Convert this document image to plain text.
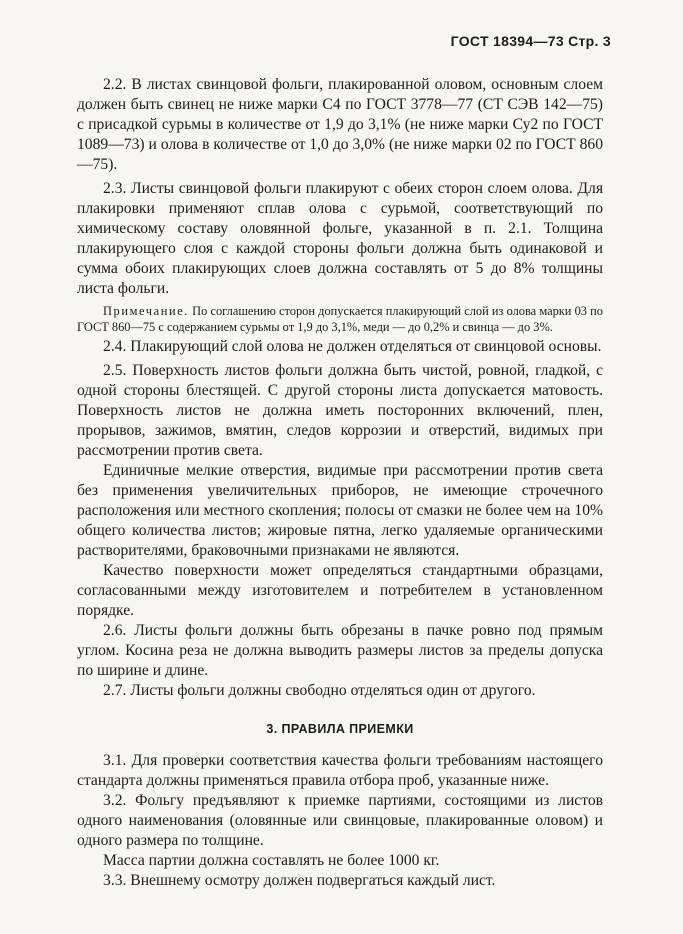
ГОСТ 18394—73 Стр. 3

2.2. В листах свинцовой фольги, плакированной оловом, основным слоем должен быть свинец не ниже марки С4 по ГОСТ 3778—77 (СТ СЭВ 142—75) с присадкой сурьмы в количестве от 1,9 до 3,1% (не ниже марки Су2 по ГОСТ 1089—73) и олова в количестве от 1,0 до 3,0% (не ниже марки 02 по ГОСТ 860—75).

2.3. Листы свинцовой фольги плакируют с обеих сторон слоем олова. Для плакировки применяют сплав олова с сурьмой, соответствующий по химическому составу оловянной фольге, указанной в п. 2.1. Толщина плакирующего слоя с каждой стороны фольги должна быть одинаковой и сумма обоих плакирующих слоев должна составлять от 5 до 8% толщины листа фольги.

Примечание. По соглашению сторон допускается плакирующий слой из олова марки 03 по ГОСТ 860—75 с содержанием сурьмы от 1,9 до 3,1%, меди — до 0,2% и свинца — до 3%.

2.4. Плакирующий слой олова не должен отделяться от свинцовой основы.

2.5. Поверхность листов фольги должна быть чистой, ровной, гладкой, с одной стороны блестящей. С другой стороны листа допускается матовость. Поверхность листов не должна иметь посторонних включений, плен, прорывов, зажимов, вмятин, следов коррозии и отверстий, видимых при рассмотрении против света.

Единичные мелкие отверстия, видимые при рассмотрении против света без применения увеличительных приборов, не имеющие строчечного расположения или местного скопления; полосы от смазки не более чем на 10% общего количества листов; жировые пятна, легко удаляемые органическими растворителями, браковочными признаками не являются.

Качество поверхности может определяться стандартными образцами, согласованными между изготовителем и потребителем в установленном порядке.

2.6. Листы фольги должны быть обрезаны в пачке ровно под прямым углом. Косина реза не должна выводить размеры листов за пределы допуска по ширине и длине.

2.7. Листы фольги должны свободно отделяться один от другого.

3. ПРАВИЛА ПРИЕМКИ

3.1. Для проверки соответствия качества фольги требованиям настоящего стандарта должны применяться правила отбора проб, указанные ниже.

3.2. Фольгу предъявляют к приемке партиями, состоящими из листов одного наименования (оловянные или свинцовые, плакированные оловом) и одного размера по толщине.

Масса партии должна составлять не более 1000 кг.

3.3. Внешнему осмотру должен подвергаться каждый лист.
